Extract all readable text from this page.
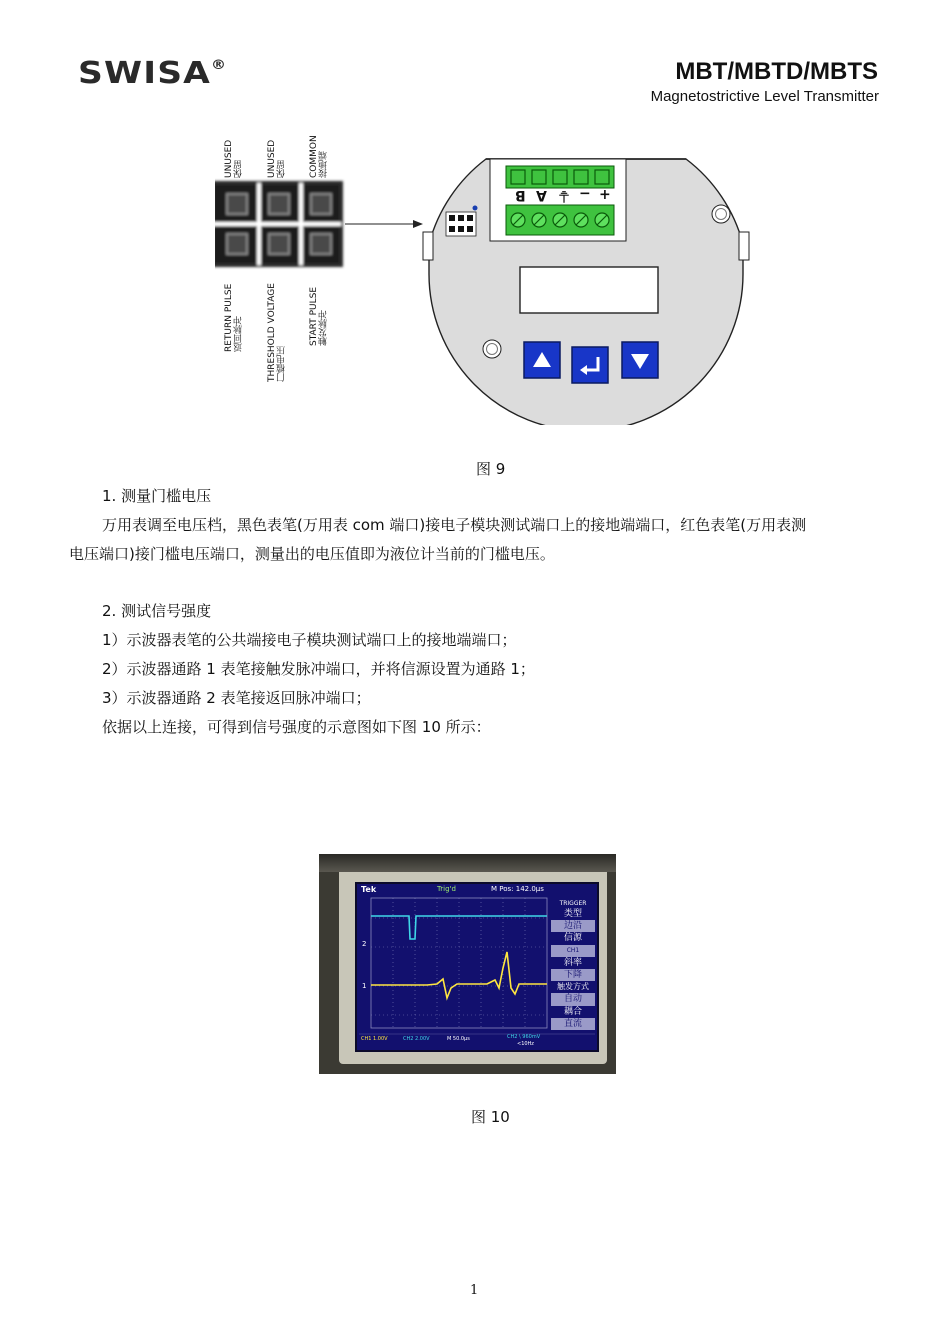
SWISA®	MBT/MBTD/MBTS
Magnetostrictive Level Transmitter
UNUSED
保留	UNUSED
保留 COMMON
接地端
RETURN PULSE
返回脉冲	THRESHOLD VOLTAGE
门槛电压
START PULSE
触发脉冲
B A ⏚ − +
图 9
1. 测量门槛电压
万用表调至电压档，黑色表笔(万用表 com 端口)接电子模块测试端口上的接地端端口，红色表笔(万用表测
电压端口)接门槛电压端口，测量出的电压值即为液位计当前的门槛电压。
2. 测试信号强度
1）示波器表笔的公共端接电子模块测试端口上的接地端端口；
2）示波器通路 1 表笔接触发脉冲端口，并将信源设置为通路 1；
3）示波器通路 2 表笔接返回脉冲端口；
依据以上连接，可得到信号强度的示意图如下图 10 所示：
2
1
Tek	Trig'd	M Pos: 142.0µs
TRIGGER
类型
边沿
信源
CH1
斜率
下降
触发方式
自动
耦合
直流
CH1 1.00V	CH2 2.00V	M 50.0µs	CH2 \ 960mV
<10Hz
图 10
1
